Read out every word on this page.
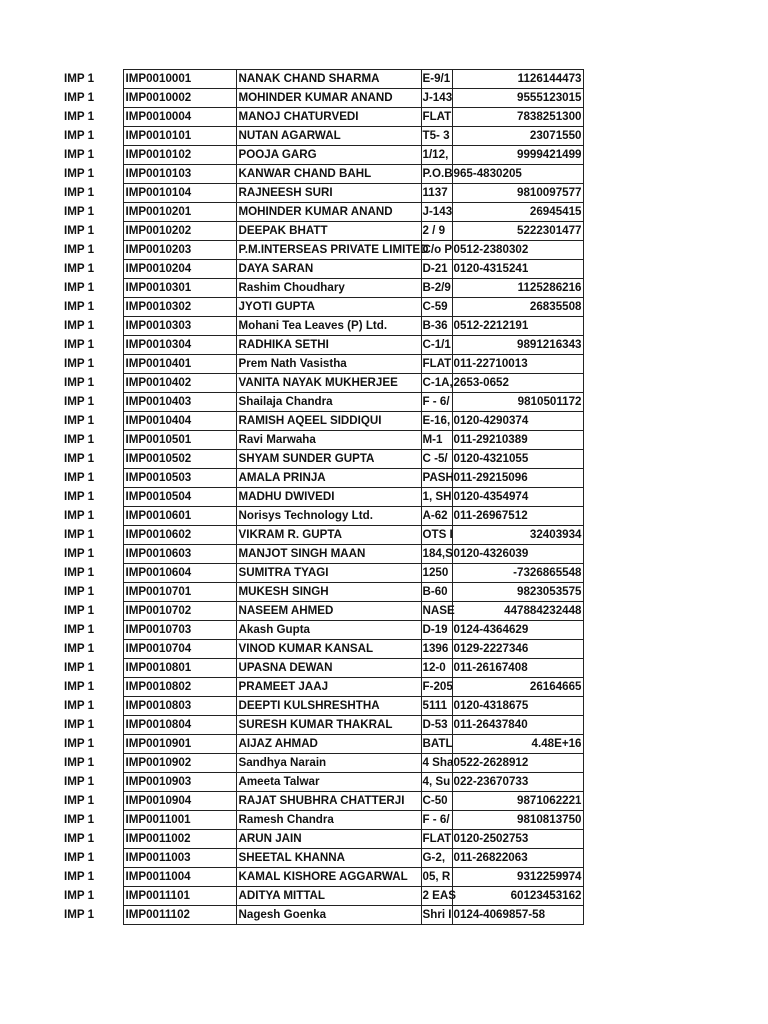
IMP 1	IMP0010001	NANAK CHAND SHARMA	E-9/1	1126144473
IMP 1	IMP0010002	MOHINDER KUMAR ANAND	J-143	9555123015
IMP 1	IMP0010004	MANOJ CHATURVEDI	FLAT	7838251300
IMP 1	IMP0010101	NUTAN AGARWAL	T5- 3	23071550
IMP 1	IMP0010102	POOJA GARG	1/12,	9999421499
IMP 1	IMP0010103	KANWAR CHAND BAHL	P.O.B	965-4830205
IMP 1	IMP0010104	RAJNEESH SURI	1137	9810097577
IMP 1	IMP0010201	MOHINDER KUMAR ANAND	J-143	26945415
IMP 1	IMP0010202	DEEPAK BHATT	2 / 9	5222301477
IMP 1	IMP0010203	P.M.INTERSEAS PRIVATE LIMITED	C/o P	0512-2380302
IMP 1	IMP0010204	DAYA SARAN	D-21	0120-4315241
IMP 1	IMP0010301	Rashim Choudhary	B-2/9	1125286216
IMP 1	IMP0010302	JYOTI GUPTA	C-59	26835508
IMP 1	IMP0010303	Mohani Tea Leaves (P) Ltd.	B-36	0512-2212191
IMP 1	IMP0010304	RADHIKA SETHI	C-1/1	9891216343
IMP 1	IMP0010401	Prem Nath Vasistha	FLAT	011-22710013
IMP 1	IMP0010402	VANITA NAYAK MUKHERJEE	C-1A,	2653-0652
IMP 1	IMP0010403	Shailaja Chandra	F - 6/	9810501172
IMP 1	IMP0010404	RAMISH AQEEL SIDDIQUI	E-16,	0120-4290374
IMP 1	IMP0010501	Ravi Marwaha	M-1	011-29210389
IMP 1	IMP0010502	SHYAM SUNDER GUPTA	C -5/	0120-4321055
IMP 1	IMP0010503	AMALA PRINJA	PASH	011-29215096
IMP 1	IMP0010504	MADHU DWIVEDI	1, SH	0120-4354974
IMP 1	IMP0010601	Norisys Technology Ltd.	A-62	011-26967512
IMP 1	IMP0010602	VIKRAM R. GUPTA	OTS I	32403934
IMP 1	IMP0010603	MANJOT SINGH MAAN	184,S	0120-4326039
IMP 1	IMP0010604	SUMITRA TYAGI	1250	-7326865548
IMP 1	IMP0010701	MUKESH SINGH	B-60	9823053575
IMP 1	IMP0010702	NASEEM AHMED	NASE	447884232448
IMP 1	IMP0010703	Akash Gupta	D-19	0124-4364629
IMP 1	IMP0010704	VINOD KUMAR KANSAL	1396	0129-2227346
IMP 1	IMP0010801	UPASNA DEWAN	12-0	011-26167408
IMP 1	IMP0010802	PRAMEET JAAJ	F-205	26164665
IMP 1	IMP0010803	DEEPTI KULSHRESHTHA	5111	0120-4318675
IMP 1	IMP0010804	SURESH KUMAR THAKRAL	D-53	011-26437840
IMP 1	IMP0010901	AIJAZ AHMAD	BATL	4.48E+16
IMP 1	IMP0010902	Sandhya Narain	4 Sha	0522-2628912
IMP 1	IMP0010903	Ameeta Talwar	4, Su	022-23670733
IMP 1	IMP0010904	RAJAT SHUBHRA CHATTERJI	C-50	9871062221
IMP 1	IMP0011001	Ramesh Chandra	F - 6/	9810813750
IMP 1	IMP0011002	ARUN JAIN	FLAT	0120-2502753
IMP 1	IMP0011003	SHEETAL KHANNA	G-2,	011-26822063
IMP 1	IMP0011004	KAMAL KISHORE AGGARWAL	05, R	9312259974
IMP 1	IMP0011101	ADITYA MITTAL	2 EAS	60123453162
IMP 1	IMP0011102	Nagesh Goenka	Shri I	0124-4069857-58
